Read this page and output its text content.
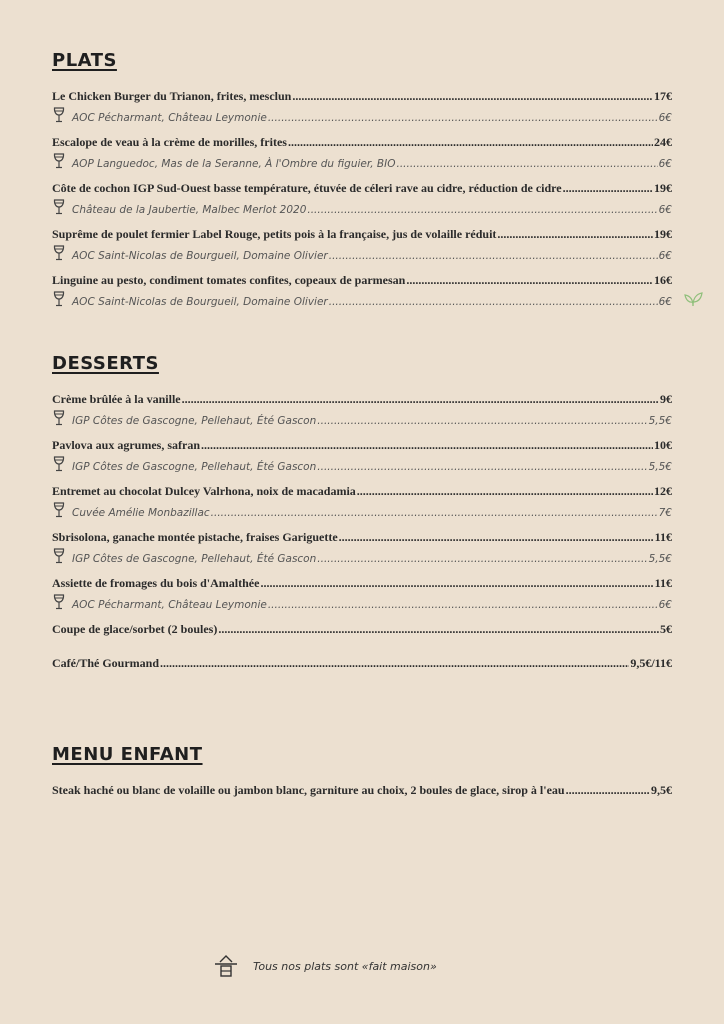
PLATS
Le Chicken Burger du Trianon, frites, mesclun .....	17€
AOC Pécharmant, Château Leymonie .....	6€
Escalope de veau à la crème de morilles, frites .....	24€
AOP Languedoc, Mas de la Seranne, À l'Ombre du figuier, BIO .....	6€
Côte de cochon IGP Sud-Ouest basse température, étuvée de céleri rave au cidre, réduction de cidre .....	19€
Château de la Jaubertie, Malbec Merlot 2020 .....	6€
Suprême de poulet fermier Label Rouge, petits pois à la française, jus de volaille réduit .....	19€
AOC Saint-Nicolas de Bourgueil, Domaine Olivier .....	6€
Linguine au pesto, condiment tomates confites, copeaux de parmesan .....	16€
AOC Saint-Nicolas de Bourgueil, Domaine Olivier .....	6€
DESSERTS
Crème brûlée à la vanille .....	9€
IGP Côtes de Gascogne, Pellehaut, Été Gascon .....	5,5€
Pavlova aux agrumes, safran .....	10€
IGP Côtes de Gascogne, Pellehaut, Été Gascon .....	5,5€
Entremet au chocolat Dulcey Valrhona, noix de macadamia .....	12€
Cuvée Amélie Monbazillac .....	7€
Sbrisolona, ganache montée pistache, fraises Gariguette .....	11€
IGP Côtes de Gascogne, Pellehaut, Été Gascon .....	5,5€
Assiette de fromages du bois d'Amalthée .....	11€
AOC Pécharmant, Château Leymonie .....	6€
Coupe de glace/sorbet (2 boules) .....	5€
Café/Thé Gourmand .....	9,5€/11€
MENU ENFANT
Steak haché ou blanc de volaille ou jambon blanc, garniture au choix, 2 boules de glace, sirop à l'eau .....	9,5€
Tous nos plats sont «fait maison»
